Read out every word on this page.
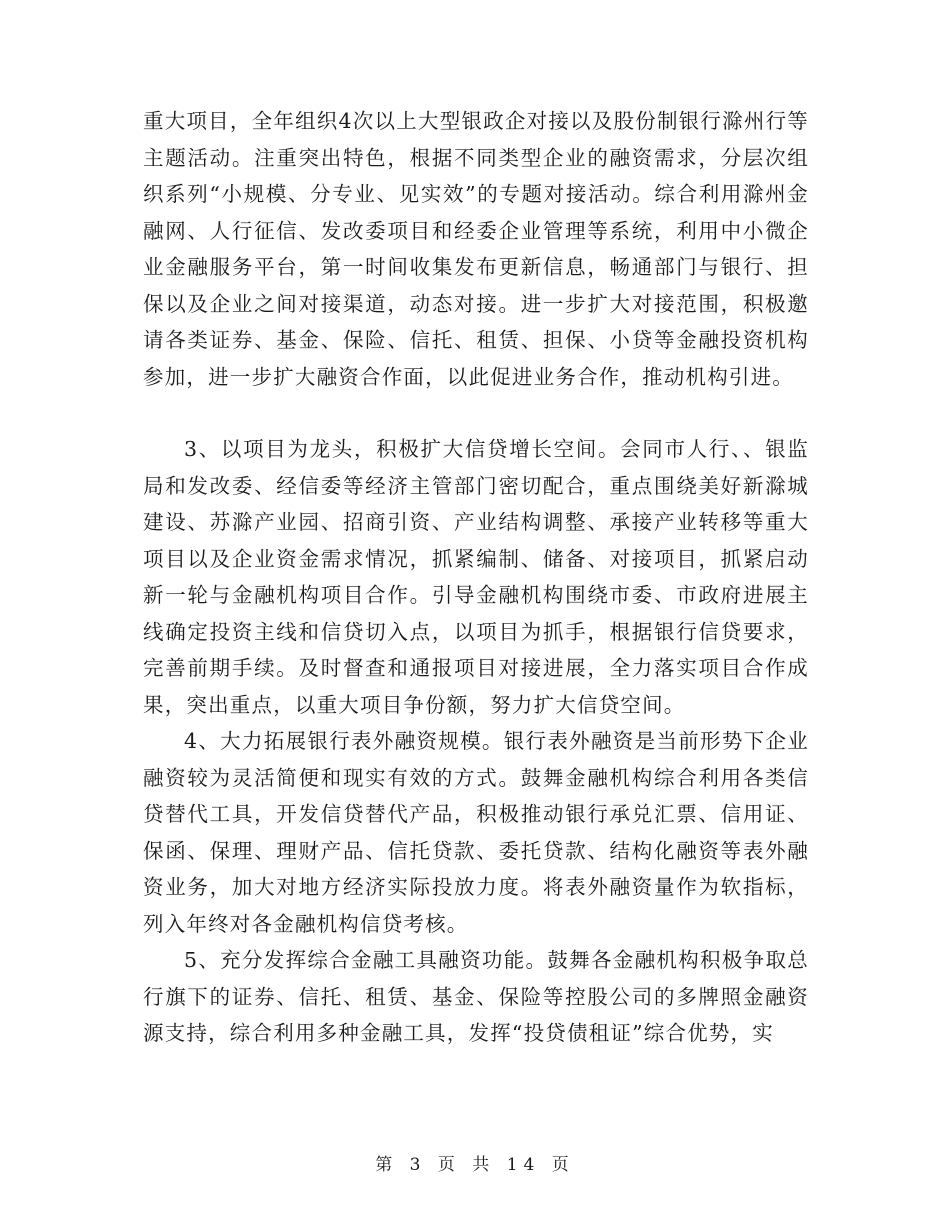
重大项目，全年组织4次以上大型银政企对接以及股份制银行滁州行等主题活动。注重突出特色，根据不同类型企业的融资需求，分层次组织系列“小规模、分专业、见实效”的专题对接活动。综合利用滁州金融网、人行征信、发改委项目和经委企业管理等系统，利用中小微企业金融服务平台，第一时间收集发布更新信息，畅通部门与银行、担保以及企业之间对接渠道，动态对接。进一步扩大对接范围，积极邀请各类证券、基金、保险、信托、租赁、担保、小贷等金融投资机构参加，进一步扩大融资合作面，以此促进业务合作，推动机构引进。

3、以项目为龙头，积极扩大信贷增长空间。会同市人行、、银监局和发改委、经信委等经济主管部门密切配合，重点围绕美好新滁城建设、苏滁产业园、招商引资、产业结构调整、承接产业转移等重大项目以及企业资金需求情况，抓紧编制、储备、对接项目，抓紧启动新一轮与金融机构项目合作。引导金融机构围绕市委、市政府进展主线确定投资主线和信贷切入点，以项目为抓手，根据银行信贷要求，完善前期手续。及时督查和通报项目对接进展，全力落实项目合作成果，突出重点，以重大项目争份额，努力扩大信贷空间。

4、大力拓展银行表外融资规模。银行表外融资是当前形势下企业融资较为灵活简便和现实有效的方式。鼓舞金融机构综合利用各类信贷替代工具，开发信贷替代产品，积极推动银行承兑汇票、信用证、保函、保理、理财产品、信托贷款、委托贷款、结构化融资等表外融资业务，加大对地方经济实际投放力度。将表外融资量作为软指标，列入年终对各金融机构信贷考核。

5、充分发挥综合金融工具融资功能。鼓舞各金融机构积极争取总行旗下的证券、信托、租赁、基金、保险等控股公司的多牌照金融资源支持，综合利用多种金融工具，发挥“投贷债租证”综合优势，实

第 3 页 共 14 页
